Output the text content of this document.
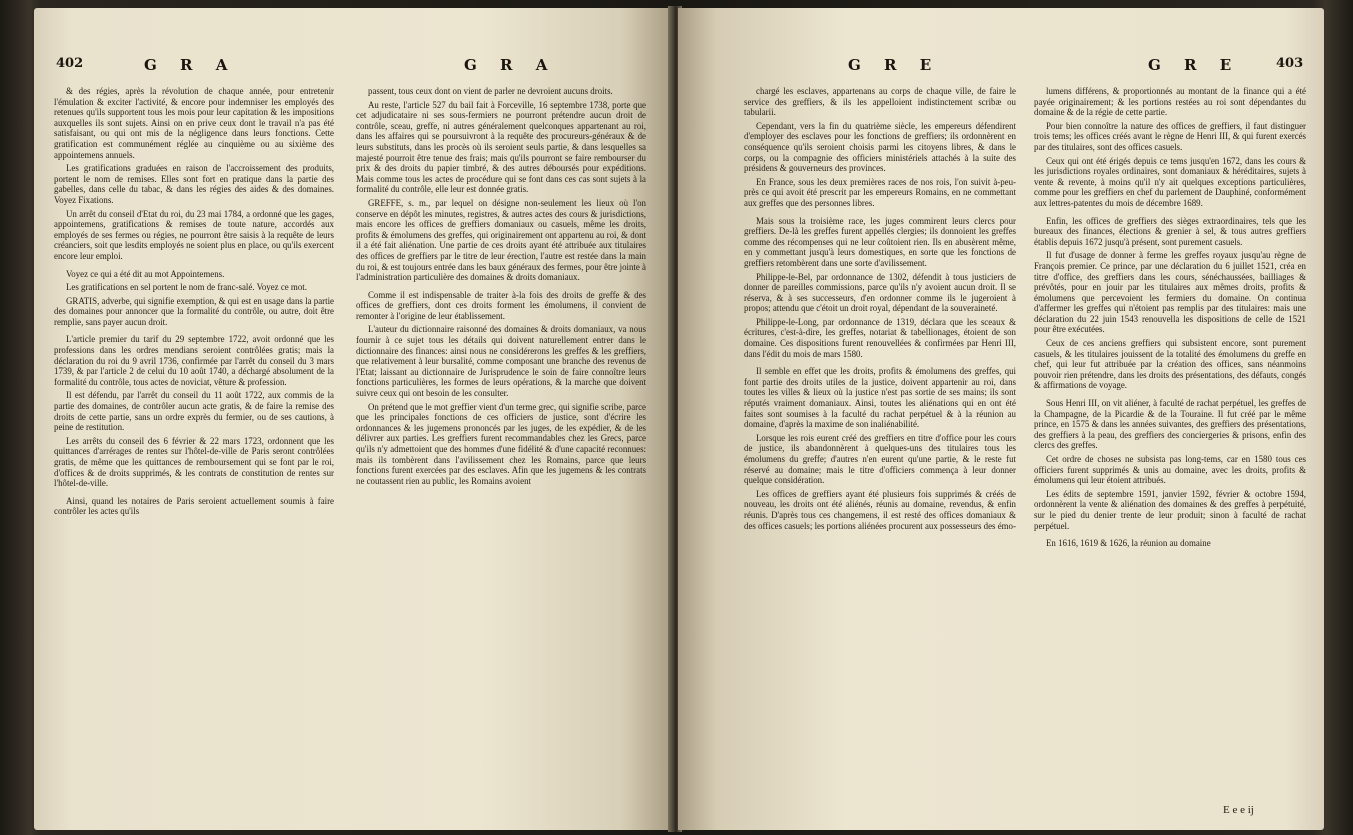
402	G R A	G R A

& des régies, après la révolution de chaque année, pour entretenir l'émulation & exciter l'activité, & encore pour indemniser les employés des retenues qu'ils supportent tous les mois pour leur capitation & les impositions auxquelles ils sont sujets. Ainsi on en prive ceux dont le travail n'a pas été satisfaisant, ou qui ont mis de la négligence dans leurs fonctions. Cette gratification est communément réglée au cinquième ou au sixième des appointemens annuels.

Les gratifications graduées en raison de l'accroissement des produits, portent le nom de remises. Elles sont fort en pratique dans la partie des gabelles, dans celle du tabac, & dans les régies des aides & des domaines. Voyez Fixations.

Un arrêt du conseil d'Etat du roi, du 23 mai 1784, a ordonné que les gages, appointemens, gratifications & remises de toute nature, accordés aux employés de ses fermes ou régies, ne pourront être saisis à la requête de leurs créanciers, soit que lesdits employés ne soient plus en place, ou qu'ils exercent encore leur emploi.

Voyez ce qui a été dit au mot Appointemens.

Les gratifications en sel portent le nom de franc-salé. Voyez ce mot.

GRATIS, adverbe, qui signifie exemption, & qui est en usage dans la partie des domaines pour annoncer que la formalité du contrôle, ou autre, doit être remplie, sans payer aucun droit.

L'article premier du tarif du 29 septembre 1722, avoit ordonné que les professions dans les ordres mendians seroient contrôlées gratis; mais la déclaration du roi du 9 avril 1736, confirmée par l'arrêt du conseil du 3 mars 1739, & par l'article 2 de celui du 10 août 1740, a déchargé absolument de la formalité du contrôle, tous actes de noviciat, vêture & profession.

Il est défendu, par l'arrêt du conseil du 11 août 1722, aux commis de la partie des domaines, de contrôler aucun acte gratis, & de faire la remise des droits de cette partie, sans un ordre exprès du fermier, ou de ses cautions, à peine de restitution.

Les arrêts du conseil des 6 février & 22 mars 1723, ordonnent que les quittances d'arrérages de rentes sur l'hôtel-de-ville de Paris seront contrôlées gratis, de même que les quittances de remboursement qui se font par le roi, d'offices & de droits supprimés, & les contrats de constitution de rentes sur l'hôtel-de-ville.

Ainsi, quand les notaires de Paris seroient actuellement soumis à faire contrôler les actes qu'ils

passent, tous ceux dont on vient de parler ne devroient aucuns droits.

Au reste, l'article 527 du bail fait à Forceville, 16 septembre 1738, porte que cet adjudicataire ni ses sous-fermiers ne pourront prétendre aucun droit de contrôle, sceau, greffe, ni autres généralement quelconques appartenant au roi, dans les affaires qui se poursuivront à la requête des procureurs-généraux & de leurs substituts, dans les procès où ils seroient seuls partie, & dans lesquelles sa majesté pourroit être tenue des frais; mais qu'ils pourront se faire rembourser du prix & des droits du papier timbré, & des autres déboursés pour expéditions. Mais comme tous les actes de procédure qui se font dans ces cas sont sujets à la formalité du contrôle, elle leur est donnée gratis.

GREFFE, s. m., par lequel on désigne non-seulement les lieux où l'on conserve en dépôt les minutes, registres, & autres actes des cours & jurisdictions, mais encore les offices de greffiers domaniaux ou casuels, même les droits, profits & émolumens des greffes, qui originairement ont appartenu au roi, & dont il a été fait aliénation. Une partie de ces droits ayant été attribuée aux titulaires des offices de greffiers par le titre de leur érection, l'autre est restée dans la main du roi, & est toujours entrée dans les baux généraux des fermes, pour être jointe à l'administration particulière des domaines & droits domaniaux.

Comme il est indispensable de traiter à-la fois des droits de greffe & des offices de greffiers, dont ces droits forment les émolumens, il convient de remonter à l'origine de leur établissement.

L'auteur du dictionnaire raisonné des domaines & droits domaniaux, va nous fournir à ce sujet tous les détails qui doivent naturellement entrer dans le dictionnaire des finances: ainsi nous ne considérerons les greffes & les greffiers, que relativement à leur bursalité, comme composant une branche des revenus de l'Etat; laissant au dictionnaire de Jurisprudence le soin de faire connoître leurs fonctions particulières, les formes de leurs opérations, & la marche que doivent suivre ceux qui ont besoin de les consulter.

On prétend que le mot greffier vient d'un terme grec, qui signifie scribe, parce que les principales fonctions de ces officiers de justice, sont d'écrire les ordonnances & les jugemens prononcés par les juges, de les expédier, & de les délivrer aux parties. Les greffiers furent recommandables chez les Grecs, parce qu'ils n'y admettoient que des hommes d'une fidélité & d'une capacité reconnues: mais ils tombèrent dans l'avilissement chez les Romains, parce que leurs fonctions furent exercées par des esclaves. Afin que les jugemens & les contrats ne coutassent rien au public, les Romains avoient

G R E	G R E	403

chargé les esclaves, appartenans au corps de chaque ville, de faire le service des greffiers, & ils les appelloient indistinctement scribæ ou tabularii.

Cependant, vers la fin du quatrième siècle, les empereurs défendirent d'employer des esclaves pour les fonctions de greffiers; ils ordonnèrent en conséquence qu'ils seroient choisis parmi les citoyens libres, & dans le corps, ou la compagnie des officiers ministériels attachés à la suite des présidens & gouverneurs des provinces.

En France, sous les deux premières races de nos rois, l'on suivit à-peu-près ce qui avoit été prescrit par les empereurs Romains, en ne commettant aux greffes que des personnes libres.

Mais sous la troisième race, les juges commirent leurs clercs pour greffiers. De-là les greffes furent appellés clergies; ils donnoient les greffes comme des récompenses qui ne leur coûtoient rien. Ils en abusèrent même, en y commettant jusqu'à leurs domestiques, en sorte que les fonctions de greffiers retombèrent dans une sorte d'avilissement.

Philippe-le-Bel, par ordonnance de 1302, défendit à tous justiciers de donner de pareilles commissions, parce qu'ils n'y avoient aucun droit. Il se réserva, & à ses successeurs, d'en ordonner comme ils le jugeroient à propos; attendu que c'étoit un droit royal, dépendant de la souveraineté.

Philippe-le-Long, par ordonnance de 1319, déclara que les sceaux & écritures, c'est-à-dire, les greffes, notariat & tabellionages, étoient de son domaine. Ces dispositions furent renouvellées & confirmées par Henri III, dans l'édit du mois de mars 1580.

Il semble en effet que les droits, profits & émolumens des greffes, qui font partie des droits utiles de la justice, doivent appartenir au roi, dans toutes les villes & lieux où la justice n'est pas sortie de ses mains; ils sont réputés vraiment domaniaux. Ainsi, toutes les aliénations qui en ont été faites sont soumises à la faculté du rachat perpétuel & à la réunion au domaine, d'après la maxime de son inaliénabilité.

Lorsque les rois eurent créé des greffiers en titre d'office pour les cours de justice, ils abandonnèrent à quelques-uns des titulaires tous les émolumens du greffe; d'autres n'en eurent qu'une partie, & le reste fut réservé au domaine; mais le titre d'officiers commença à leur donner quelque considération.

Les offices de greffiers ayant été plusieurs fois supprimés & créés de nouveau, les droits ont été aliénés, réunis au domaine, revendus, & enfin réunis. D'après tous ces changemens, il est resté des offices domaniaux & des offices casuels; les portions aliénées procurent aux possesseurs des émo-

lumens différens, & proportionnés au montant de la finance qui a été payée originairement; & les portions restées au roi sont dépendantes du domaine & de la régie de cette partie.

Pour bien connoître la nature des offices de greffiers, il faut distinguer trois tems; les offices créés avant le règne de Henri III, & qui furent exercés par des titulaires, sont des offices casuels.

Ceux qui ont été érigés depuis ce tems jusqu'en 1672, dans les cours & les jurisdictions royales ordinaires, sont domaniaux & héréditaires, sujets à vente & revente, à moins qu'il n'y ait quelques exceptions particulières, comme pour les greffiers en chef du parlement de Dauphiné, conformément aux lettres-patentes du mois de décembre 1689.

Enfin, les offices de greffiers des sièges extraordinaires, tels que les bureaux des finances, élections & grenier à sel, & tous autres greffiers établis depuis 1672 jusqu'à présent, sont purement casuels.

Il fut d'usage de donner à ferme les greffes royaux jusqu'au règne de François premier. Ce prince, par une déclaration du 6 juillet 1521, créa en titre d'office, des greffiers dans les cours, sénéchaussées, bailliages & prévôtés, pour en jouir par les titulaires aux mêmes droits, profits & émolumens que percevoient les fermiers du domaine. On continua d'affermer les greffes qui n'étoient pas remplis par des titulaires: mais une déclaration du 22 juin 1543 renouvella les dispositions de celle de 1521 pour être exécutées.

Ceux de ces anciens greffiers qui subsistent encore, sont purement casuels, & les titulaires jouissent de la totalité des émolumens du greffe en chef, qui leur fut attribuée par la création des offices, sans néanmoins pouvoir rien prétendre, dans les droits des présentations, des défauts, congés & affirmations de voyage.

Sous Henri III, on vit aliéner, à faculté de rachat perpétuel, les greffes de la Champagne, de la Picardie & de la Touraine. Il fut créé par le même prince, en 1575 & dans les années suivantes, des greffiers des présentations, des greffiers à la peau, des greffiers des conciergeries & prisons, enfin des clercs des greffes.

Cet ordre de choses ne subsista pas long-tems, car en 1580 tous ces officiers furent supprimés & unis au domaine, avec les droits, profits & émolumens qui leur étoient attribués.

Les édits de septembre 1591, janvier 1592, février & octobre 1594, ordonnèrent la vente & aliénation des domaines & des greffes à perpétuité, sur le pied du denier trente de leur produit; sinon à faculté de rachat perpétuel.

En 1616, 1619 & 1626, la réunion au domaine

E e e ij
